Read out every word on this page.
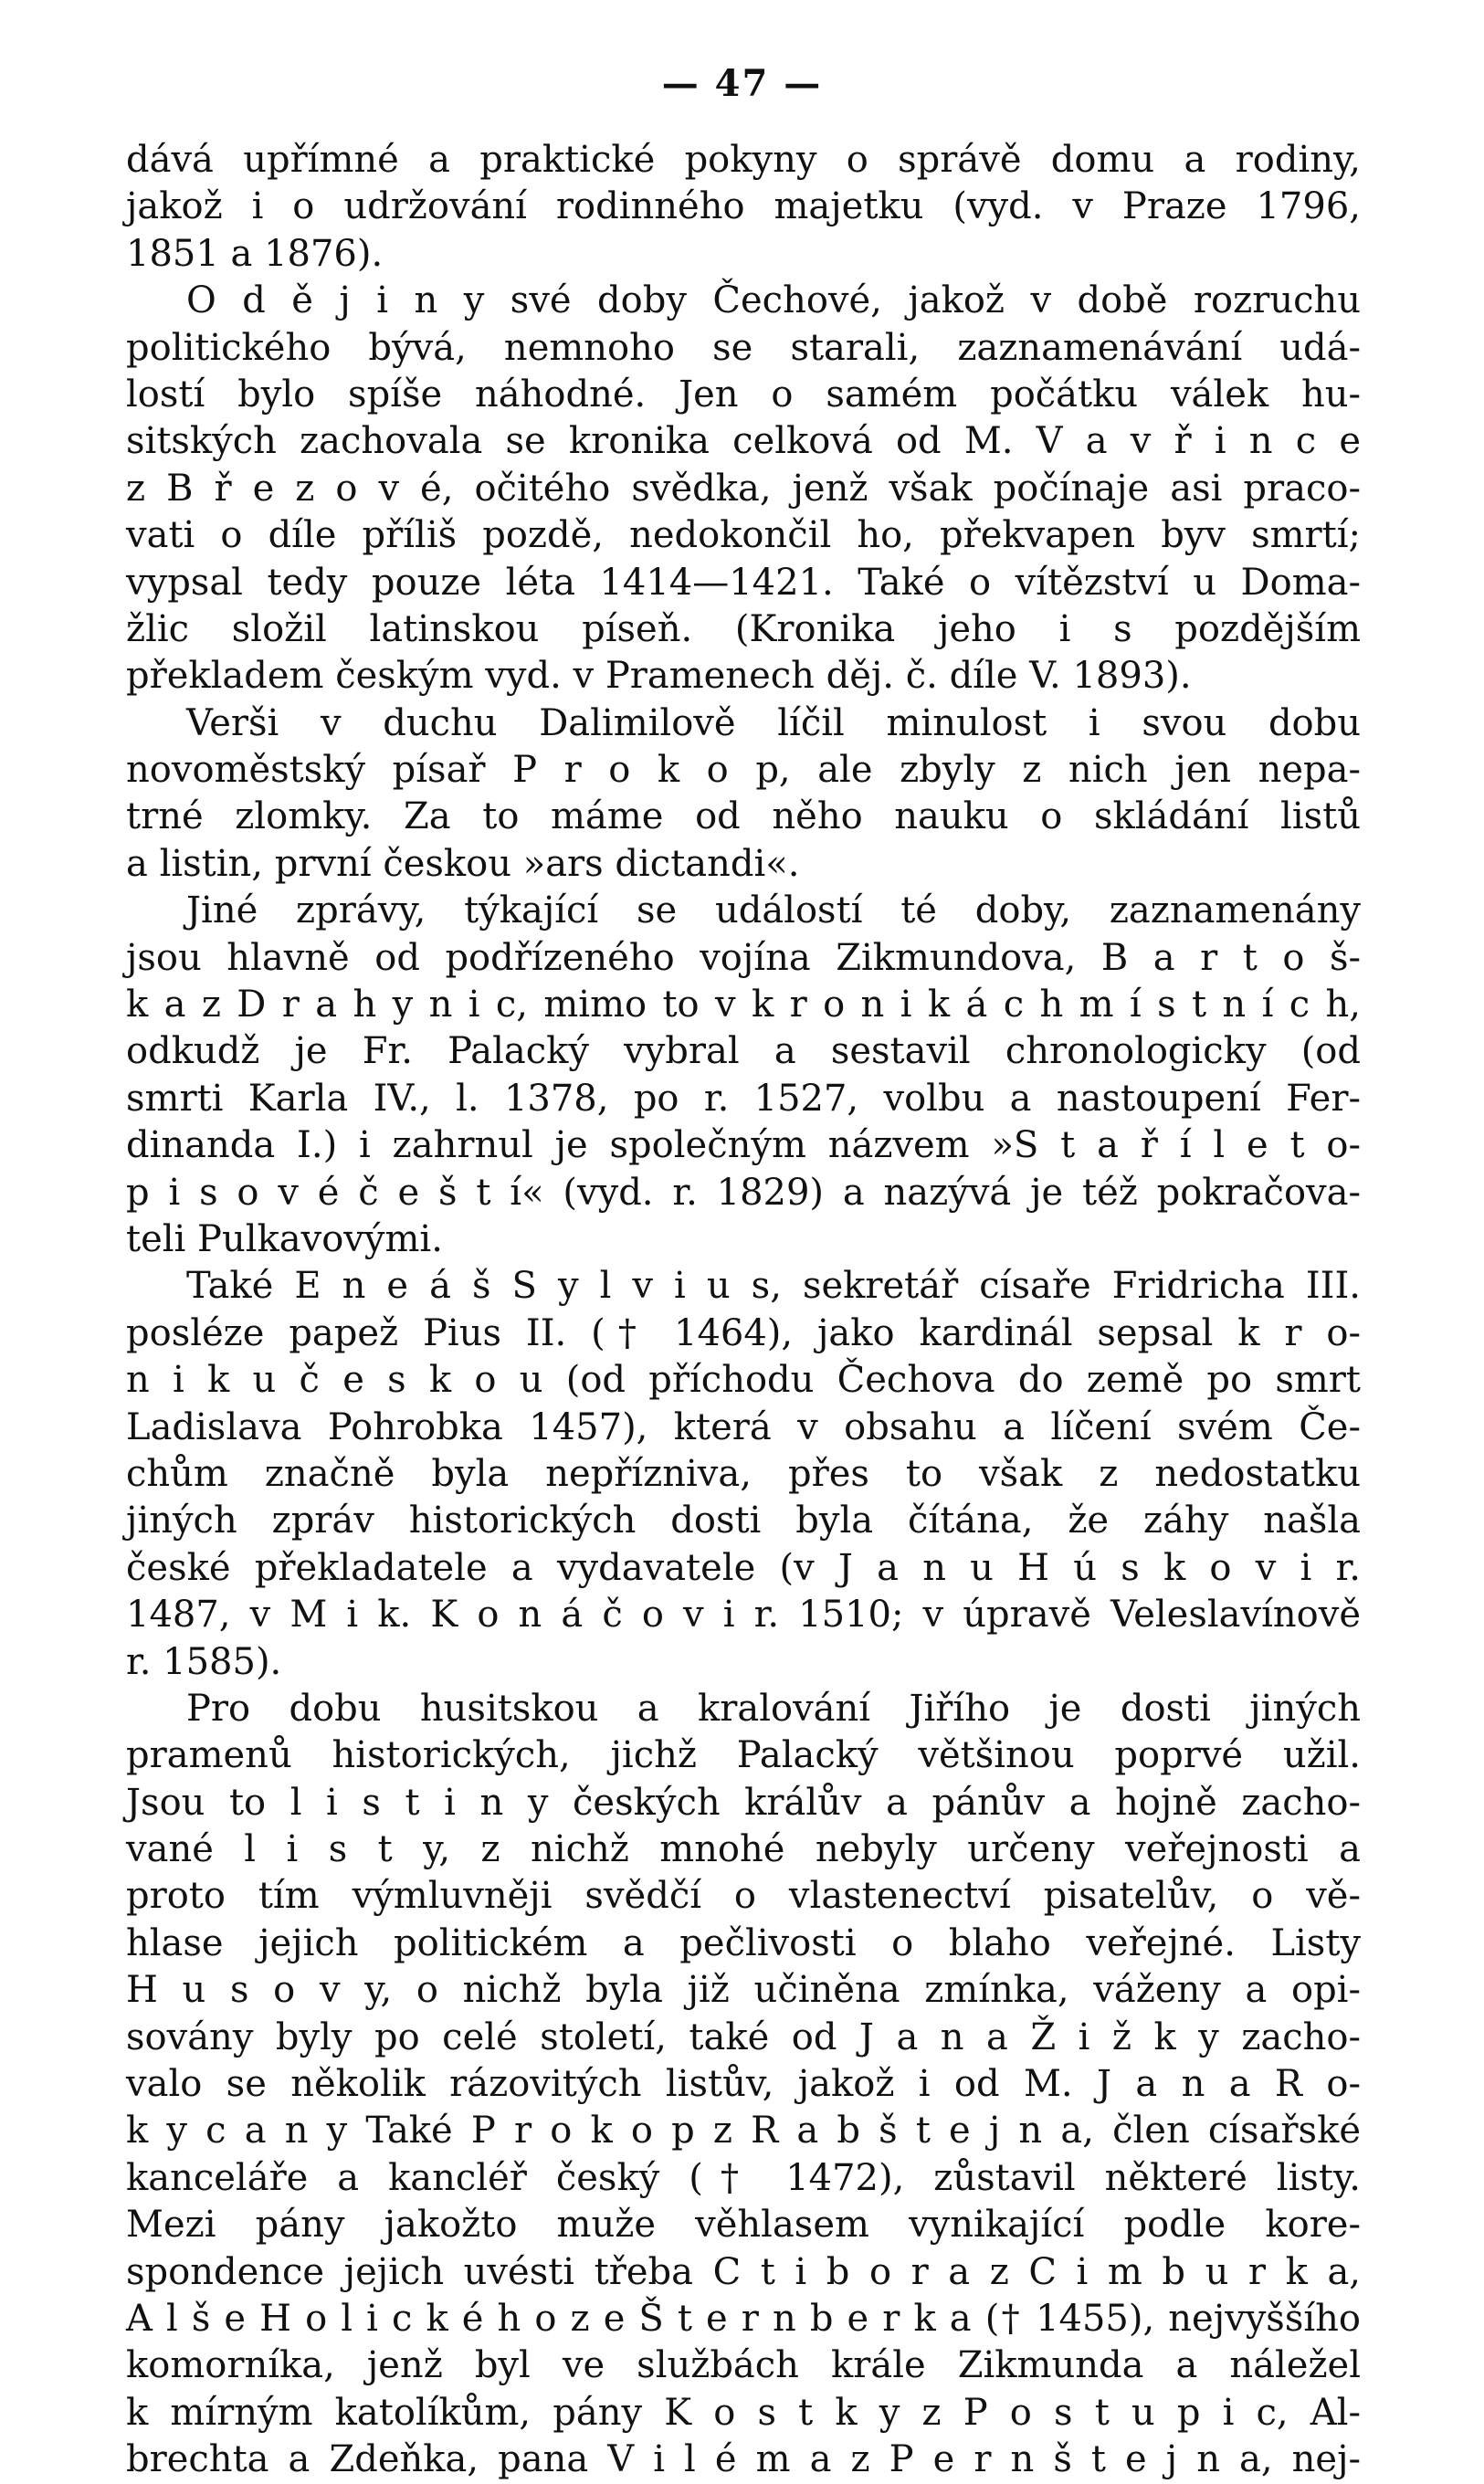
— 47 —
dává upřímné a praktické pokyny o správě domu a rodiny,
jakož i o udržování rodinného majetku (vyd. v Praze 1796,
1851 a 1876).
O d ě j i n y své doby Čechové, jakož v době rozruchu
politického bývá, nemnoho se starali, zaznamenávání udá-
lostí bylo spíše náhodné. Jen o samém počátku válek hu-
sitských zachovala se kronika celková od M. V a v ř i n c e
z B ř e z o v é, očitého svědka, jenž však počínaje asi praco-
vati o díle příliš pozdě, nedokončil ho, překvapen byv smrtí;
vypsal tedy pouze léta 1414—1421. Také o vítězství u Doma-
žlic složil latinskou píseň. (Kronika jeho i s pozdějším
překladem českým vyd. v Pramenech děj. č. díle V. 1893).
Verši v duchu Dalimilově líčil minulost i svou dobu
novoměstský písař P r o k o p, ale zbyly z nich jen nepa-
trné zlomky. Za to máme od něho nauku o skládání listů
a listin, první českou »ars dictandi«.
Jiné zprávy, týkající se událostí té doby, zaznamenány
jsou hlavně od podřízeného vojína Zikmundova, B a r t o š-
k a z D r a h y n i c, mimo to v k r o n i k á c h m í s t n í c h,
odkudž je Fr. Palacký vybral a sestavil chronologicky (od
smrti Karla IV., l. 1378, po r. 1527, volbu a nastoupení Fer-
dinanda I.) i zahrnul je společným názvem »S t a ř í l e t o-
p i s o v é č e š t í« (vyd. r. 1829) a nazývá je též pokračova-
teli Pulkavovými.
Také E n e á š S y l v i u s, sekretář císaře Fridricha III.
posléze papež Pius II. († 1464), jako kardinál sepsal k r o-
n i k u č e s k o u (od příchodu Čechova do země po smrt
Ladislava Pohrobka 1457), která v obsahu a líčení svém Če-
chům značně byla nepřízniva, přes to však z nedostatku
jiných zpráv historických dosti byla čítána, že záhy našla
české překladatele a vydavatele (v J a n u H ú s k o v i r.
1487, v M i k. K o n á č o v i r. 1510; v úpravě Veleslavínově
r. 1585).
Pro dobu husitskou a kralování Jiřího je dosti jiných
pramenů historických, jichž Palacký většinou poprvé užil.
Jsou to l i s t i n y českých králův a pánův a hojně zacho-
vané l i s t y, z nichž mnohé nebyly určeny veřejnosti a
proto tím výmluvněji svědčí o vlastenectví pisatelův, o vě-
hlase jejich politickém a pečlivosti o blaho veřejné. Listy
H u s o v y, o nichž byla již učiněna zmínka, váženy a opi-
sovány byly po celé století, také od J a n a Ž i ž k y zacho-
valo se několik rázovitých listův, jakož i od M. J a n a R o-
k y c a n y Také P r o k o p z R a b š t e j n a, člen císařské
kanceláře a kancléř český († 1472), zůstavil některé listy.
Mezi pány jakožto muže věhlasem vynikající podle kore-
spondence jejich uvésti třeba C t i b o r a z C i m b u r k a,
A l š e H o l i c k é h o z e Š t e r n b e r k a († 1455), nejvyššího
komorníka, jenž byl ve službách krále Zikmunda a náležel
k mírným katolíkům, pány K o s t k y z P o s t u p i c, Al-
brechta a Zdeňka, pana V i l é m a z P e r n š t e j n a, nej-
